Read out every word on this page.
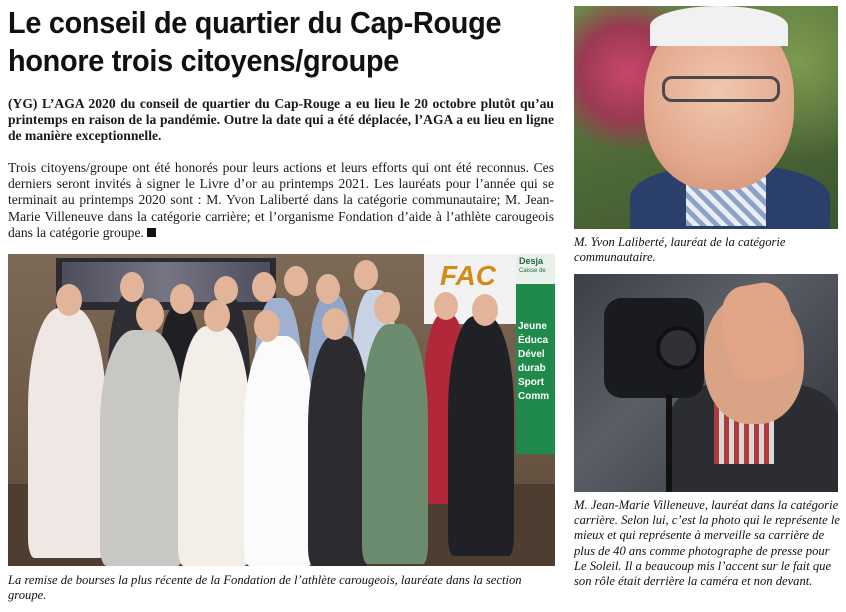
Le conseil de quartier du Cap-Rouge honore trois citoyens/groupe

(YG) L’AGA 2020 du conseil de quartier du Cap-Rouge a eu lieu le 20 octobre plutôt qu’au printemps en raison de la pandémie. Outre la date qui a été déplacée, l’AGA a eu lieu en ligne de manière exceptionnelle.

Trois citoyens/groupe ont été honorés pour leurs actions et leurs efforts qui ont été reconnus. Ces derniers seront invités à signer le Livre d’or au printemps 2021. Les lauréats pour l’année qui se terminait au printemps 2020 sont : M. Yvon Laliberté dans la catégorie communautaire; M. Jean-Marie Villeneuve dans la catégorie carrière; et l’organisme Fondation d’aide à l’athlète carougeois dans la catégorie groupe.

FAC	Desja
Caisse de
Jeune
Éduca
Dével
durab
Sport
Comm

La remise de bourses la plus récente de la Fondation de l’athlète carougeois, lauréate dans la section groupe.

M. Yvon Laliberté, lauréat de la catégorie communautaire.

M. Jean-Marie Villeneuve, lauréat dans la catégorie carrière. Selon lui, c’est la photo qui le représente le mieux et qui représente à merveille sa carrière de plus de 40 ans comme photographe de presse pour Le Soleil. Il a beaucoup mis l’accent sur le fait que son rôle était derrière la caméra et non devant.
